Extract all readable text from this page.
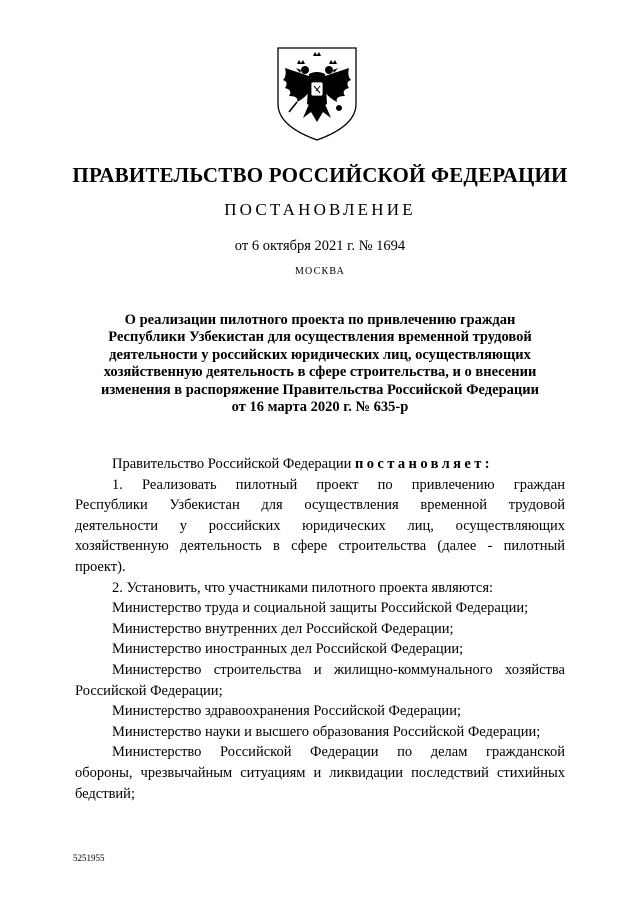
ПРАВИТЕЛЬСТВО РОССИЙСКОЙ ФЕДЕРАЦИИ
ПОСТАНОВЛЕНИЕ
от 6 октября 2021 г. № 1694
МОСКВА
О реализации пилотного проекта по привлечению граждан
Республики Узбекистан для осуществления временной трудовой
деятельности у российских юридических лиц, осуществляющих
хозяйственную деятельность в сфере строительства, и о внесении
изменения в распоряжение Правительства Российской Федерации
от 16 марта 2020 г. № 635-р
Правительство Российской Федерации постановляет:
1. Реализовать пилотный проект по привлечению граждан
Республики Узбекистан для осуществления временной трудовой
деятельности у российских юридических лиц, осуществляющих
хозяйственную деятельность в сфере строительства (далее - пилотный
проект).
2. Установить, что участниками пилотного проекта являются:
Министерство труда и социальной защиты Российской Федерации;
Министерство внутренних дел Российской Федерации;
Министерство иностранных дел Российской Федерации;
Министерство строительства и жилищно-коммунального хозяйства
Российской Федерации;
Министерство здравоохранения Российской Федерации;
Министерство науки и высшего образования Российской Федерации;
Министерство Российской Федерации по делам гражданской
обороны, чрезвычайным ситуациям и ликвидации последствий стихийных
бедствий;
5251955
